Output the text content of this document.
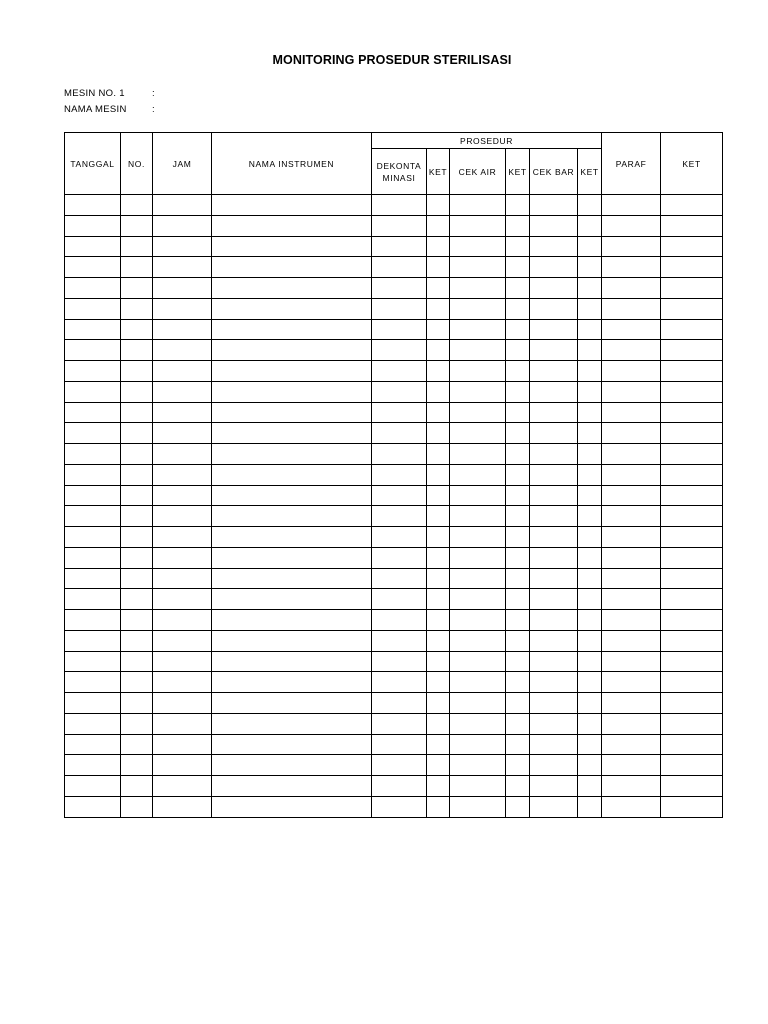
MONITORING PROSEDUR STERILISASI
MESIN NO. 1	:
NAMA MESIN	:
TANGGAL	NO.	JAM	NAMA INSTRUMEN	PROSEDUR						PARAF	KET
				DEKONTA
MINASI	KET	CEK AIR	KET	CEK BAR	KET		
